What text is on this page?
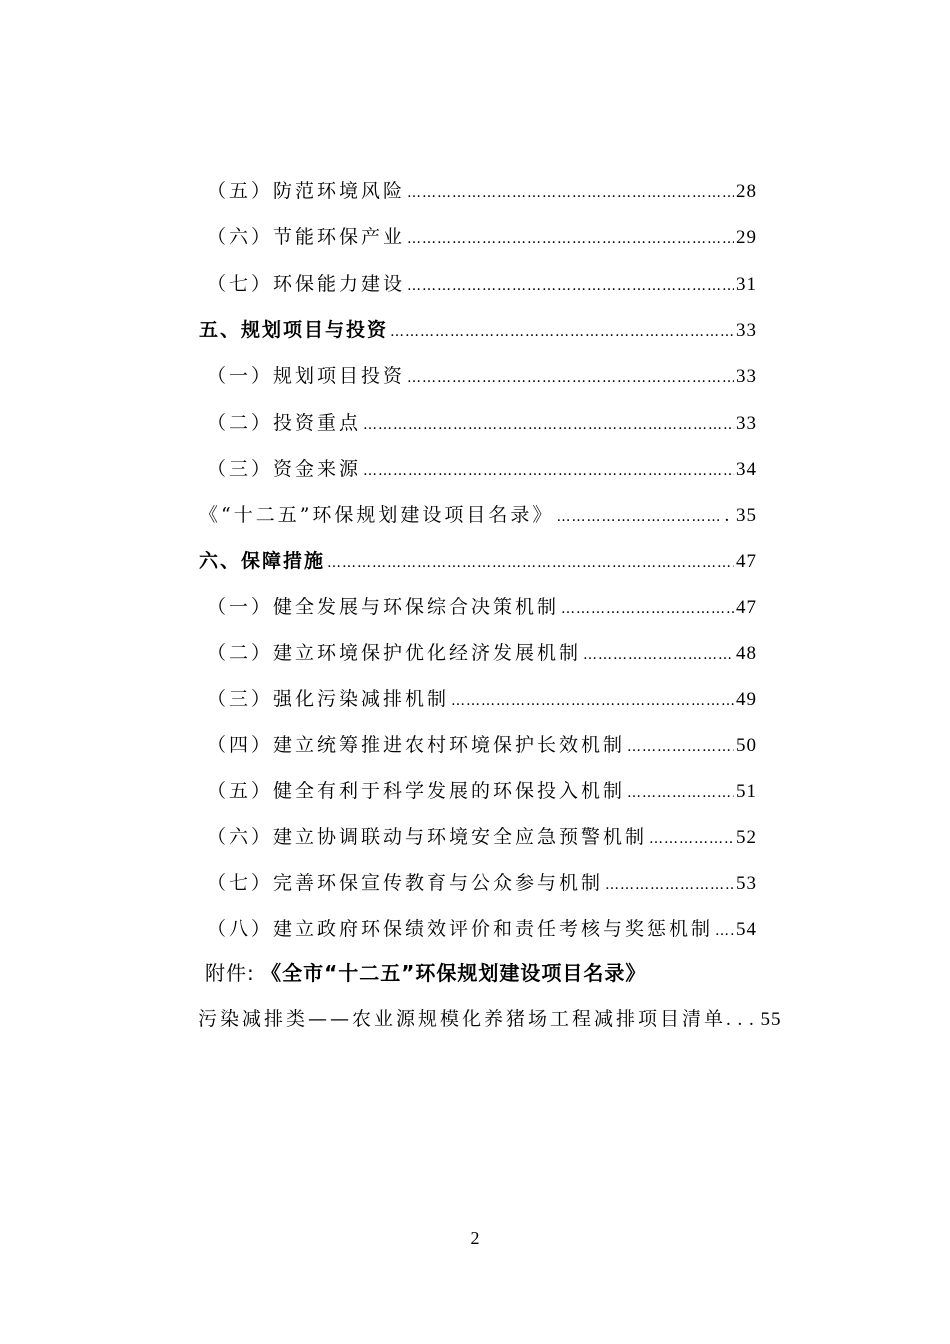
（五）防范环境风险 …………………………………………………………………………………………………………………………………………	28
（六）节能环保产业 …………………………………………………………………………………………………………………………………………	29
（七）环保能力建设 …………………………………………………………………………………………………………………………………………	31
五、规划项目与投资 …………………………………………………………………………………………………………………………………………	33
（一）规划项目投资 …………………………………………………………………………………………………………………………………………	33
（二）投资重点 …………………………………………………………………………………………………………………………………………	33
（三）资金来源 …………………………………………………………………………………………………………………………………………	34
《“十二五”环保规划建设项目名录》 …………………………………………………………………………………………………………………………………………	. 35
六、保障措施 …………………………………………………………………………………………………………………………………………	47
（一）健全发展与环保综合决策机制 …………………………………………………………………………………………………………………………………………	47
（二）建立环境保护优化经济发展机制 …………………………………………………………………………………………………………………………………………	48
（三）强化污染减排机制 …………………………………………………………………………………………………………………………………………	49
（四）建立统筹推进农村环境保护长效机制 …………………………………………………………………………………………………………………………………………	50
（五）健全有利于科学发展的环保投入机制 …………………………………………………………………………………………………………………………………………	51
（六）建立协调联动与环境安全应急预警机制 …………………………………………………………………………………………………………………………………………	52
（七）完善环保宣传教育与公众参与机制 …………………………………………………………………………………………………………………………………………	53
（八）建立政府环保绩效评价和责任考核与奖惩机制 ………………………………………………………………………………………………………………………………………… 54
附件: 《全市“十二五”环保规划建设项目名录》
污染减排类——农业源规模化养猪场工程减排项目清单 . . . 55
2
